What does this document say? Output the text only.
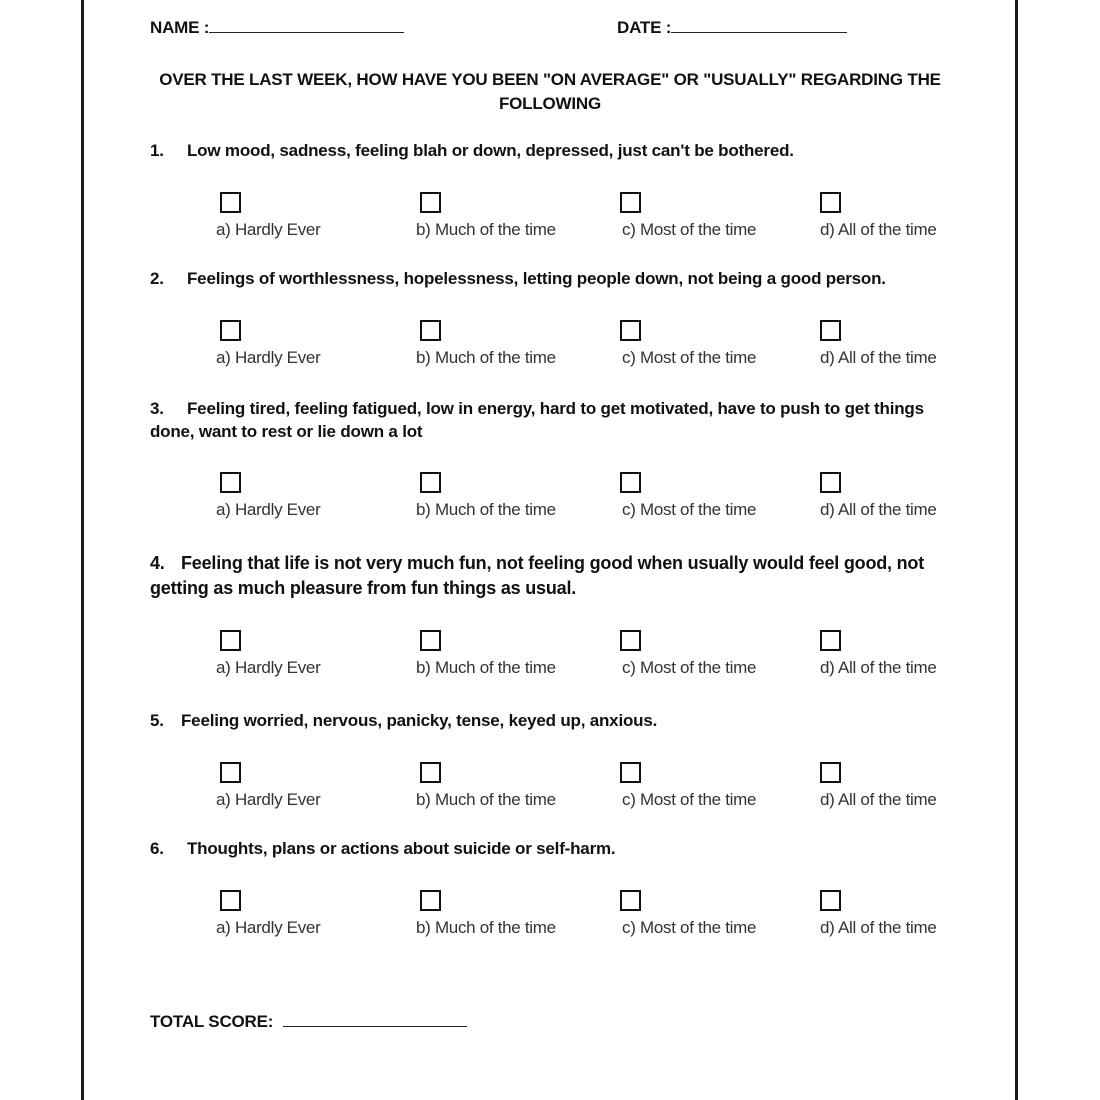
NAME :	DATE :
OVER THE LAST WEEK, HOW HAVE YOU BEEN "ON AVERAGE" OR "USUALLY" REGARDING THE FOLLOWING
1. Low mood, sadness, feeling blah or down, depressed, just can't be bothered.
a) Hardly Ever	b) Much of the time	c) Most of the time	d) All of the time
2. Feelings of worthlessness, hopelessness, letting people down, not being a good person.
a) Hardly Ever	b) Much of the time	c) Most of the time	d) All of the time
3. Feeling tired, feeling fatigued, low in energy, hard to get motivated, have to push to get things done, want to rest or lie down a lot
a) Hardly Ever	b) Much of the time	c) Most of the time	d) All of the time
4. Feeling that life is not very much fun, not feeling good when usually would feel good, not getting as much pleasure from fun things as usual.
a) Hardly Ever	b) Much of the time	c) Most of the time	d) All of the time
5. Feeling worried, nervous, panicky, tense, keyed up, anxious.
a) Hardly Ever	b) Much of the time	c) Most of the time	d) All of the time
6. Thoughts, plans or actions about suicide or self-harm.
a) Hardly Ever	b) Much of the time	c) Most of the time	d) All of the time
TOTAL SCORE:
